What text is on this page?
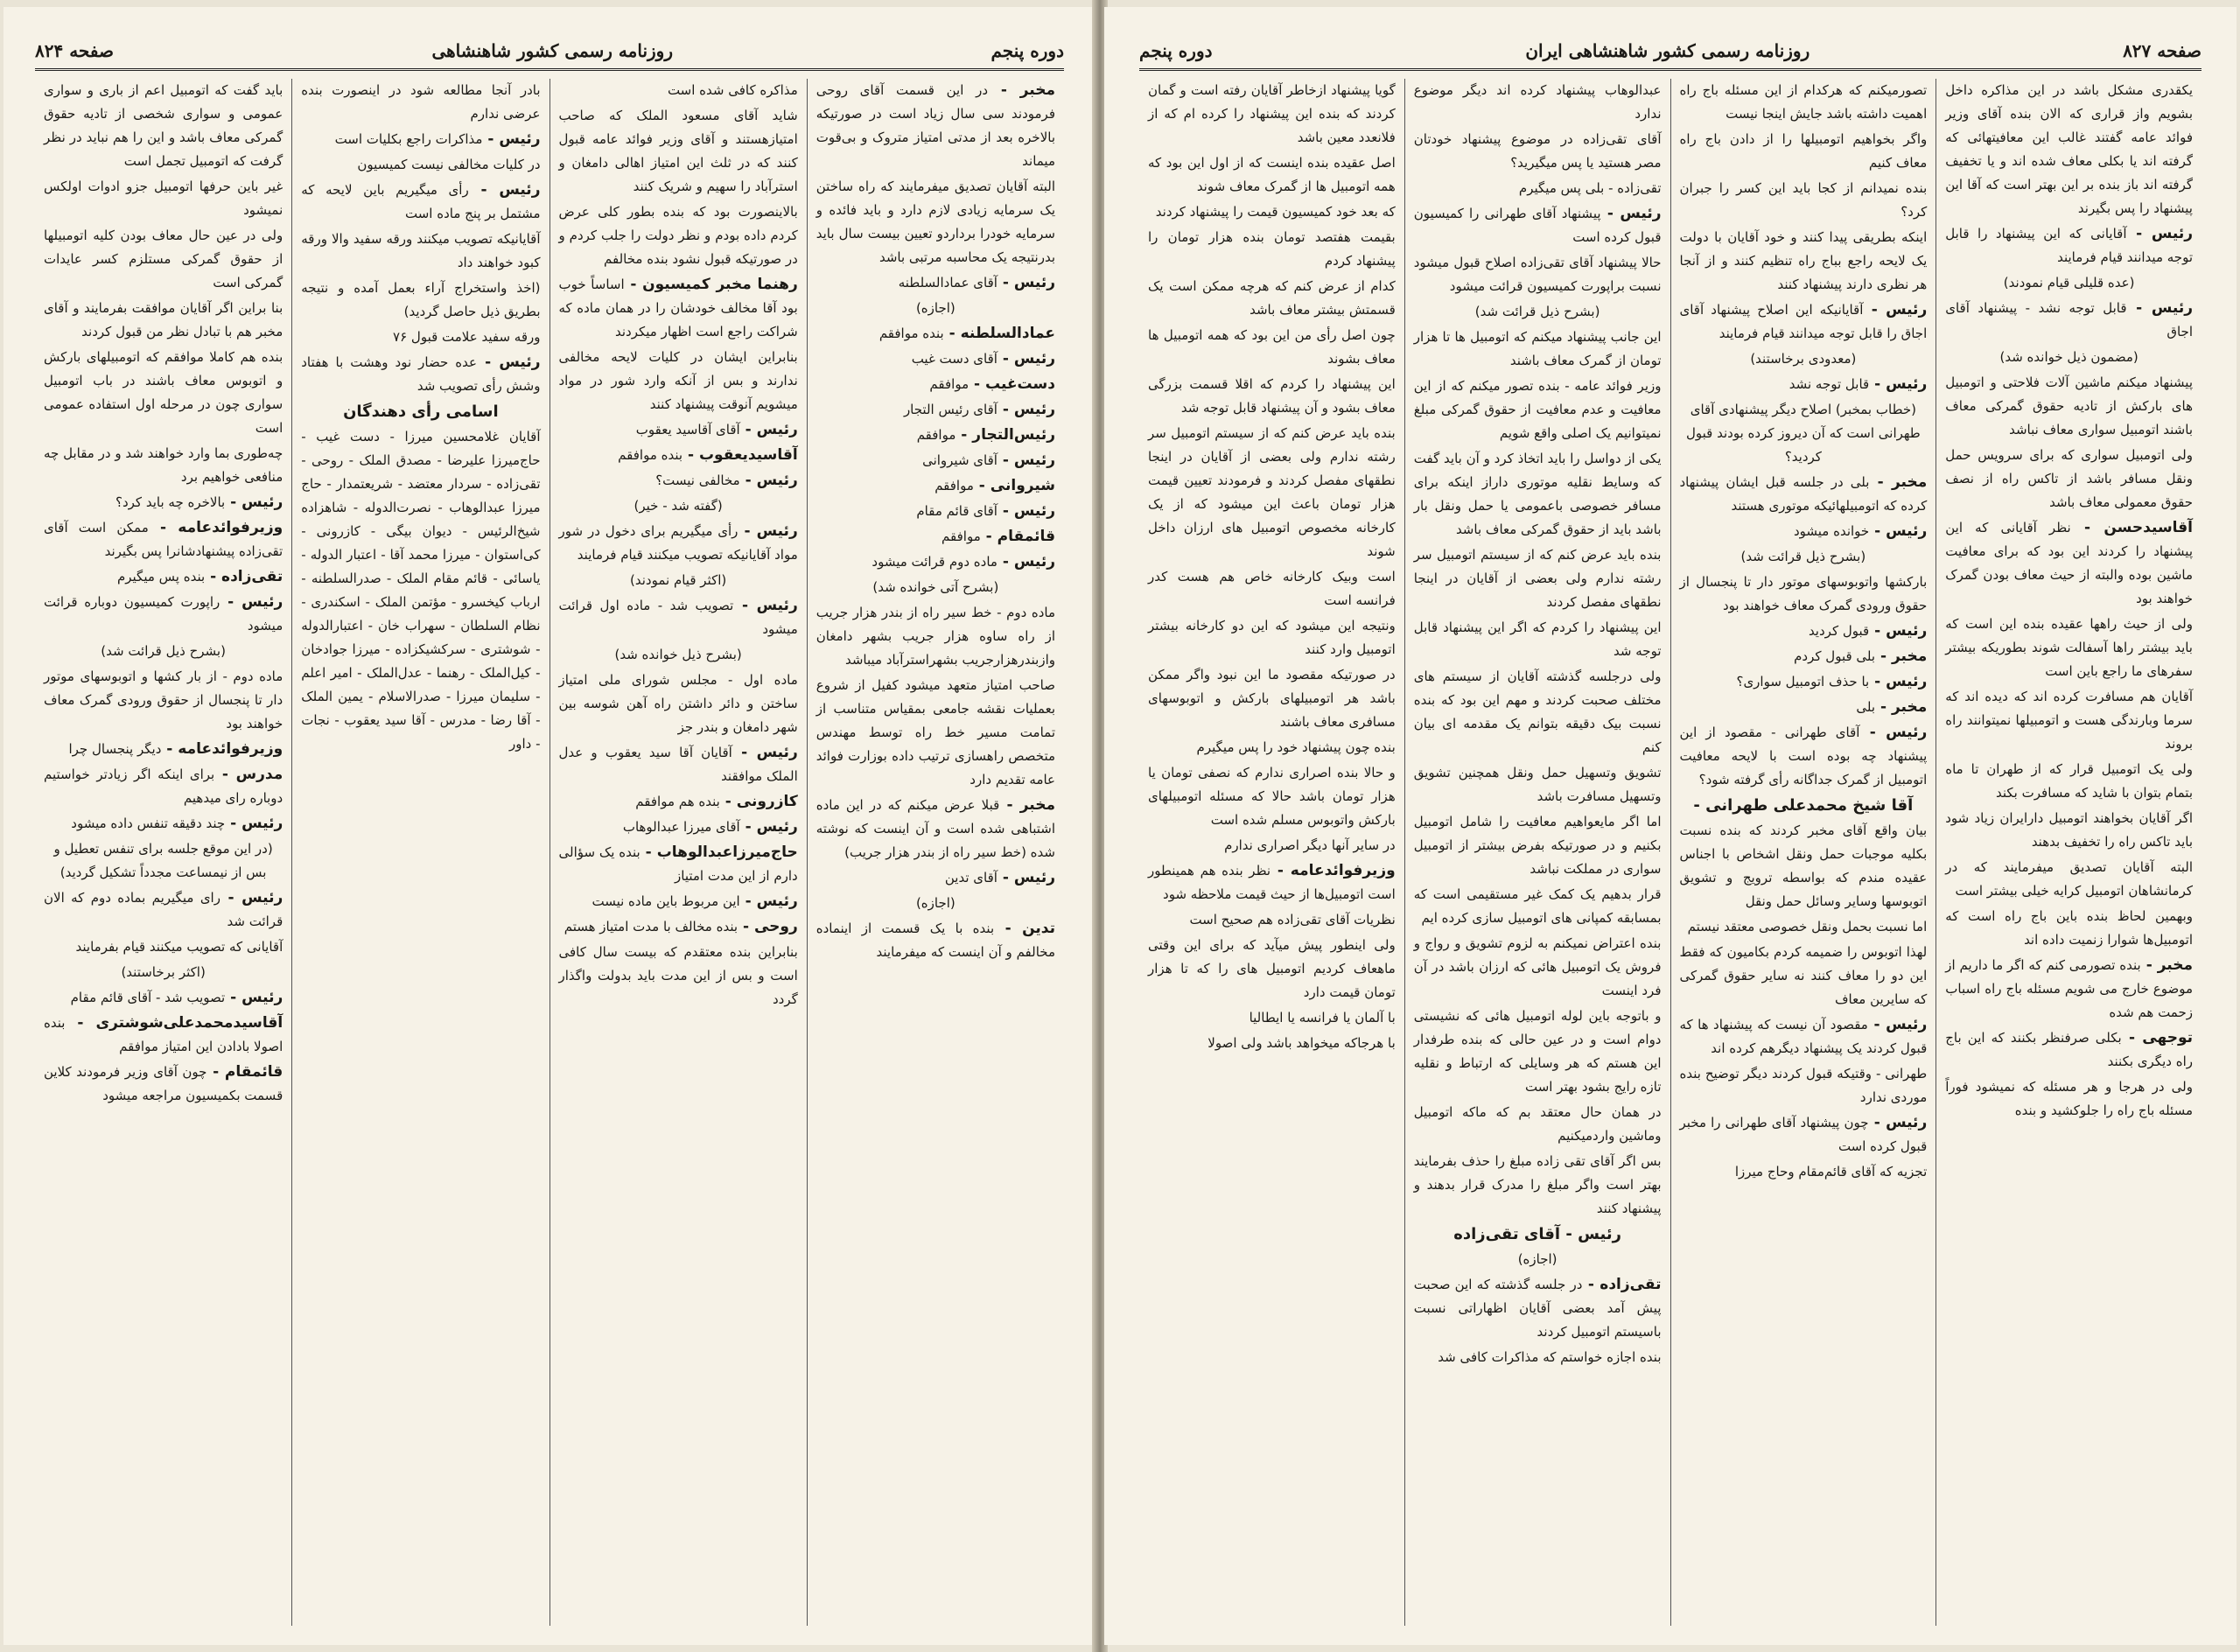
دوره پنجم
روزنامه رسمی کشور شاهنشاهی
صفحه ۸۲۴

مخبر - در این قسمت آقای روحی فرمودند سی سال زیاد است در صورتیکه بالاخره بعد از مدتی امتیاز متروک و بی‌قوت میماند

البته آقایان تصدیق میفرمایند که راه ساختن یک سرمایه زیادی لازم دارد و باید فائده و سرمایه خودرا برداردو تعیین بیست سال باید بدرنتیجه یک محاسبه مرتبی باشد

رئیس - آقای عمادالسلطنه

(اجازه)

عمادالسلطنه - بنده موافقم

رئیس - آقای دست غیب

دست‌غیب - موافقم

رئیس - آقای رئیس التجار

رئیس‌التجار - موافقم

رئیس - آقای شیروانی

شیروانی - موافقم

رئیس - آقای قائم مقام

قائمقام - موافقم

رئیس - ماده دوم قرائت میشود

(بشرح آتی خوانده شد)

ماده دوم - خط سیر راه از بندر هزار جریب از راه ساوه هزار جریب بشهر دامغان وازبندرهزارجریب بشهراسترآباد میباشد

صاحب امتیاز متعهد میشود کفیل از شروع بعملیات نقشه جامعی بمقیاس متناسب از تمامت مسیر خط راه توسط مهندس متخصص راهسازی ترتیب داده بوزارت فوائد عامه تقدیم دارد

مخبر - قبلا عرض میکنم که در این ماده اشتباهی شده است و آن اینست که نوشته شده (خط سیر راه از بندر هزار جریب)

رئیس - آقای تدین

(اجازه)

تدین - بنده با یک قسمت از اینماده مخالفم و آن اینست که میفرمایند

مذاکره کافی شده است

شاید آقای مسعود الملک که صاحب امتیازهستند و آقای وزیر فوائد عامه قبول کنند که در ثلث این امتیاز اهالی دامغان و استرآباد را سهیم و شریک کنند

بالاینصورت بود که بنده بطور کلی عرض کردم داده بودم و نظر دولت را جلب کردم و در صورتیکه قبول نشود بنده مخالفم

رهنما مخبر کمیسیون - اساساً خوب بود آقا مخالف خودشان را در همان ماده که شراکت راجع است اظهار میکردند

بنابراین ایشان در کلیات لایحه مخالفی ندارند و بس از آنکه وارد شور در مواد میشویم آنوقت پیشنهاد کنند

رئیس - آقای آقاسید یعقوب

آقاسیدیعقوب - بنده موافقم

رئیس - مخالفی نیست؟

(گفته شد - خیر)

رئیس - رأی میگیریم برای دخول در شور مواد آقایانیکه تصویب میکنند قیام فرمایند

(اکثر قیام نمودند)

رئیس - تصویب شد - ماده اول قرائت میشود

(بشرح ذیل خوانده شد)

ماده اول - مجلس شورای ملی امتیاز ساختن و دائر داشتن راه آهن شوسه بین شهر دامغان و بندر جز

رئیس - آقایان آقا سید یعقوب و عدل الملک موافقند

کازرونی - بنده هم موافقم

رئیس - آقای میرزا عبدالوهاب

حاج‌میرزاعبدالوهاب - بنده یک سؤالی دارم از این مدت امتیاز

رئیس - این مربوط باین ماده نیست

روحی - بنده مخالف با مدت امتیاز هستم

بنابراین بنده معتقدم که بیست سال کافی است و بس از این مدت باید بدولت واگذار گردد

بادر آنجا مطالعه شود در اینصورت بنده عرضی ندارم

رئیس - مذاکرات راجع بکلیات است

در کلیات مخالفی نیست کمیسیون

رئیس - رأی میگیریم باین لایحه که مشتمل بر پنج ماده است

آقایانیکه تصویب میکنند ورقه سفید والا ورقه کبود خواهند داد

(اخذ واستخراج آراء بعمل آمده و نتیجه بطریق ذیل حاصل گردید)

ورقه سفید علامت قبول ۷۶

رئیس - عده حضار نود وهشت با هفتاد وشش رأی تصویب شد

اسامی رأی دهندگان

آقایان غلامحسین میرزا - دست غیب - حاج‌میرزا علیرضا - مصدق الملک - روحی - تقی‌زاده - سردار معتضد - شریعتمدار - حاج میرزا عبدالوهاب - نصرت‌الدوله - شاهزاده شیخ‌الرئیس - دیوان بیگی - کازرونی - کی‌استوان - میرزا محمد آقا - اعتبار الدوله - یاسائی - قائم مقام الملک - صدرالسلطنه - ارباب کیخسرو - مؤتمن الملک - اسکندری - نظام السلطان - سهراب خان - اعتبارالدوله - شوشتری - سرکشیکزاده - میرزا جوادخان - کیل‌الملک - رهنما - عدل‌الملک - امیر اعلم - سلیمان میرزا - صدرالاسلام - یمین الملک - آقا رضا - مدرس - آقا سید یعقوب - نجات - داور

باید گفت که اتومبیل اعم از باری و سواری عمومی و سواری شخصی از تادیه حقوق گمرکی معاف باشد و این را هم نباید در نظر گرفت که اتومبیل تجمل است

غیر باین حرفها اتومبیل جزو ادوات اولکس نمیشود

ولی در عین حال معاف بودن کلیه اتومبیلها از حقوق گمرکی مستلزم کسر عایدات گمرکی است

بنا براین اگر آقایان موافقت بفرمایند و آقای مخبر هم با تبادل نظر من قبول کردند

بنده هم کاملا موافقم که اتومبیلهای بارکش و اتوبوس معاف باشند در باب اتومبیل سواری چون در مرحله اول استفاده عمومی است

چه‌طوری بما وارد خواهند شد و در مقابل چه منافعی خواهیم برد

رئیس - بالاخره چه باید کرد؟

وزیرفوائدعامه - ممکن است آقای تقی‌زاده پیشنهادشانرا پس بگیرند

تقی‌زاده - بنده پس میگیرم

رئیس - راپورت کمیسیون دوباره قرائت میشود

(بشرح ذیل قرائت شد)

ماده دوم - از بار کشها و اتوبوسهای موتور دار تا پنجسال از حقوق ورودی گمرک معاف خواهند بود

وزیرفوائدعامه - دیگر پنجسال چرا

مدرس - برای اینکه اگر زیادتر خواستیم دوباره رای میدهیم

رئیس - چند دقیقه تنفس داده میشود

(در این موقع جلسه برای تنفس تعطیل و بس از نیمساعت مجدداً تشکیل گردید)

رئیس - رای میگیریم بماده دوم که الان قرائت شد

آقایانی که تصویب میکنند قیام بفرمایند

(اکثر برخاستند)

رئیس - تصویب شد - آقای قائم مقام

آقاسیدمحمدعلی‌شوشتری - بنده اصولا بادادن این امتیاز موافقم

قائمقام - چون آقای وزیر فرمودند کلاین قسمت بکمیسیون مراجعه میشود

صفحه ۸۲۷
روزنامه رسمی کشور شاهنشاهی ایران
دوره پنجم

یکقدری مشکل باشد در این مذاکره داخل بشویم واز قراری که الان بنده آقای وزیر فوائد عامه گفتند غالب این معافیتهائی که گرفته اند یا بکلی معاف شده اند و یا تخفیف گرفته اند باز بنده بر این بهتر است که آقا این پیشنهاد را پس بگیرند

رئیس - آقایانی که این پیشنهاد را قابل توجه میدانند قیام فرمایند

(عده قلیلی قیام نمودند)

رئیس - قابل توجه نشد - پیشنهاد آقای اجاق

(مضمون ذیل خوانده شد)

پیشنهاد میکنم ماشین آلات فلاحتی و اتومبیل های بارکش از تادیه حقوق گمرکی معاف باشند اتومبیل سواری معاف نباشد

ولی اتومبیل سواری که برای سرویس حمل ونقل مسافر باشد از تاکس راه از نصف حقوق معمولی معاف باشد

آقاسیدحسن - نظر آقایانی که این پیشنهاد را کردند این بود که برای معافیت ماشین بوده والبته از حیث معاف بودن گمرک خواهند بود

ولی از حیث راهها عقیده بنده این است که باید بیشتر راها آسفالت شوند بطوریکه بیشتر سفرهای ما راجع باین است

آقایان هم مسافرت کرده اند که دیده اند که سرما وبارندگی هست و اتومبیلها نمیتوانند راه بروند

ولی یک اتومبیل قرار که از طهران تا ماه بتمام بتوان با شاید که مسافرت بکند

اگر آقایان بخواهند اتومبیل دارایران زیاد شود باید تاکس راه را تخفیف بدهند

البته آقایان تصدیق میفرمایند که در کرمانشاهان اتومبیل کرایه خیلی بیشتر است

وبهمین لحاظ بنده باین باج راه است که اتومبیل‌ها شوارا زنمیت داده اند

مخبر - بنده تصورمی کنم که اگر ما داریم از موضوع خارج می شویم مسئله باج راه اسباب زحمت هم شده

توجهی - بکلی صرفنظر بکنند که این باج راه دیگری بکنند

ولی در هرجا و هر مسئله که نمیشود فوراً مسئله باج راه را جلوکشید و بنده

تصورمیکنم که هرکدام از این مسئله باج راه اهمیت داشته باشد جایش اینجا نیست

واگر بخواهیم اتومبیلها را از دادن باج راه معاف کنیم

بنده نمیدانم از کجا باید این کسر را جبران کرد؟

اینکه بطریقی پیدا کنند و خود آقایان با دولت یک لایحه راجع بباج راه تنظیم کنند و از آنجا هر نظری دارند پیشنهاد کنند

رئیس - آقایانیکه این اصلاح پیشنهاد آقای اجاق را قابل توجه میدانند قیام فرمایند

(معدودی برخاستند)

رئیس - قابل توجه نشد

(خطاب بمخبر) اصلاح دیگر پیشنهادی آقای طهرانی است که آن دیروز کرده بودند قبول کردید؟

مخبر - بلی در جلسه قبل ایشان پیشنهاد کرده که اتومبیلهائیکه موتوری هستند

رئیس - خوانده میشود

(بشرح ذیل قرائت شد)

بارکشها واتوبوسهای موتور دار تا پنجسال از حقوق ورودی گمرک معاف خواهند بود

رئیس - قبول کردید

مخبر - بلی قبول کردم

رئیس - با حذف اتومبیل سواری؟

مخبر - بلی

رئیس - آقای طهرانی - مقصود از این پیشنهاد چه بوده است با لایحه معافیت اتومبیل از گمرک جداگانه رأی گرفته شود؟

آقا شیخ محمدعلی طهرانی -

بیان واقع آقای مخبر کردند که بنده نسبت بکلیه موجبات حمل ونقل اشخاص با اجناس عقیده مندم که بواسطه ترویج و تشویق اتوبوسها وسایر وسائل حمل ونقل

اما نسبت بحمل ونقل خصوصی معتقد نیستم

لهذا اتوبوس را ضمیمه کردم بکامیون که فقط این دو را معاف کنند نه سایر حقوق گمرکی که سایرین معاف

رئیس - مقصود آن نیست که پیشنهاد ها که قبول کردند یک پیشنهاد دیگرهم کرده اند

طهرانی - وقتیکه قبول کردند دیگر توضیح بنده موردی ندارد

رئیس - چون پیشنهاد آقای طهرانی را مخبر قبول کرده است

تجزیه که آقای قائم‌مقام وحاج میرزا

عبدالوهاب پیشنهاد کرده اند دیگر موضوع ندارد

آقای تقی‌زاده در موضوع پیشنهاد خودتان مصر هستید یا پس میگیرید؟

تقی‌زاده - بلی پس میگیرم

رئیس - پیشنهاد آقای طهرانی را کمیسیون قبول کرده است

حالا پیشنهاد آقای تقی‌زاده اصلاح قبول میشود نسبت براپورت کمیسیون قرائت میشود

(بشرح ذیل قرائت شد)

این جانب پیشنهاد میکنم که اتومبیل ها تا هزار تومان از گمرک معاف باشند

وزیر فوائد عامه - بنده تصور میکنم که از این معافیت و عدم معافیت از حقوق گمرکی مبلغ نمیتوانیم یک اصلی واقع شویم

یکی از دواسل را باید اتخاذ کرد و آن باید گفت که وسایط نقلیه موتوری داراز اینکه برای مسافر خصوصی باعمومی یا حمل ونقل بار باشد باید از حقوق گمرکی معاف باشد

بنده باید عرض کنم که از سیستم اتومبیل سر رشته ندارم ولی بعضی از آقایان در اینجا نطقهای مفصل کردند

این پیشنهاد را کردم که اگر این پیشنهاد قابل توجه شد

ولی درجلسه گذشته آقایان از سیستم های مختلف صحبت کردند و مهم این بود که بنده نسبت بیک دقیقه بتوانم یک مقدمه ای بیان کنم

تشویق وتسهیل حمل ونقل همچنین تشویق وتسهیل مسافرت باشد

اما اگر مایعواهیم معافیت را شامل اتومبیل بکنیم و در صورتیکه بفرض بیشتر از اتومبیل سواری در مملکت نباشد

قرار بدهیم یک کمک غیر مستقیمی است که بمسابقه کمپانی های اتومبیل سازی کرده ایم

بنده اعتراض نمیکنم به لزوم تشویق و رواج و فروش یک اتومبیل هائی که ارزان باشد در آن فرد اینست

و باتوجه باین لوله اتومبیل هائی که نشیستی دوام است و در عین حالی که بنده طرفدار این هستم که هر وسایلی که ارتباط و نقلیه تازه رایج بشود بهتر است

در همان حال معتقد بم که ماکه اتومبیل وماشین واردمیکنیم

بس اگر آقای تقی زاده مبلغ را حذف بفرمایند بهتر است واگر مبلغ را مدرک قرار بدهند و پیشنهاد کنند

رئیس - آقای تقی‌زاده

(اجازه)

تقی‌زاده - در جلسه گذشته که این صحبت پیش آمد بعضی آقایان اظهاراتی نسبت باسیستم اتومبیل کردند

بنده اجازه خواستم که مذاکرات کافی شد

گویا پیشنهاد ازخاطر آقایان رفته است و گمان کردند که بنده این پیشنهاد را کرده ام که از فلانعدد معین باشد

اصل عقیده بنده اینست که از اول این بود که همه اتومبیل ها از گمرک معاف شوند

که بعد خود کمیسیون قیمت را پیشنهاد کردند

بقیمت هفتصد تومان بنده هزار تومان را پیشنهاد کردم

کدام از عرض کنم که هرچه ممکن است یک قسمتش بیشتر معاف باشد

چون اصل رأی من این بود که همه اتومبیل ها معاف بشوند

این پیشنهاد را کردم که اقلا قسمت بزرگی معاف بشود و آن پیشنهاد قابل توجه شد

بنده باید عرض کنم که از سیستم اتومبیل سر رشته ندارم ولی بعضی از آقایان در اینجا نطقهای مفصل کردند و فرمودند تعیین قیمت هزار تومان باعث این میشود که از یک کارخانه مخصوص اتومبیل های ارزان داخل شوند

است وبیک کارخانه خاص هم هست کدر فرانسه است

ونتیجه این میشود که این دو کارخانه بیشتر اتومبیل وارد کنند

در صورتیکه مقصود ما این نبود واگر ممکن باشد هر اتومبیلهای بارکش و اتوبوسهای مسافری معاف باشند

بنده چون پیشنهاد خود را پس میگیرم

و حالا بنده اصراری ندارم که نصفی تومان یا هزار تومان باشد حالا که مسئله اتومبیلهای بارکش واتوبوس مسلم شده است

در سایر آنها دیگر اصراری ندارم

وزیرفوائدعامه - نظر بنده هم همینطور است اتومبیل‌ها از حیث قیمت ملاحظه شود

نظریات آقای تقی‌زاده هم صحیح است

ولی اینطور پیش میآید که برای این وقتی ماهعاف کردیم اتومبیل های را که تا هزار تومان قیمت دارد

با آلمان یا فرانسه یا ایطالیا

با هرجاکه میخواهد باشد ولی اصولا
